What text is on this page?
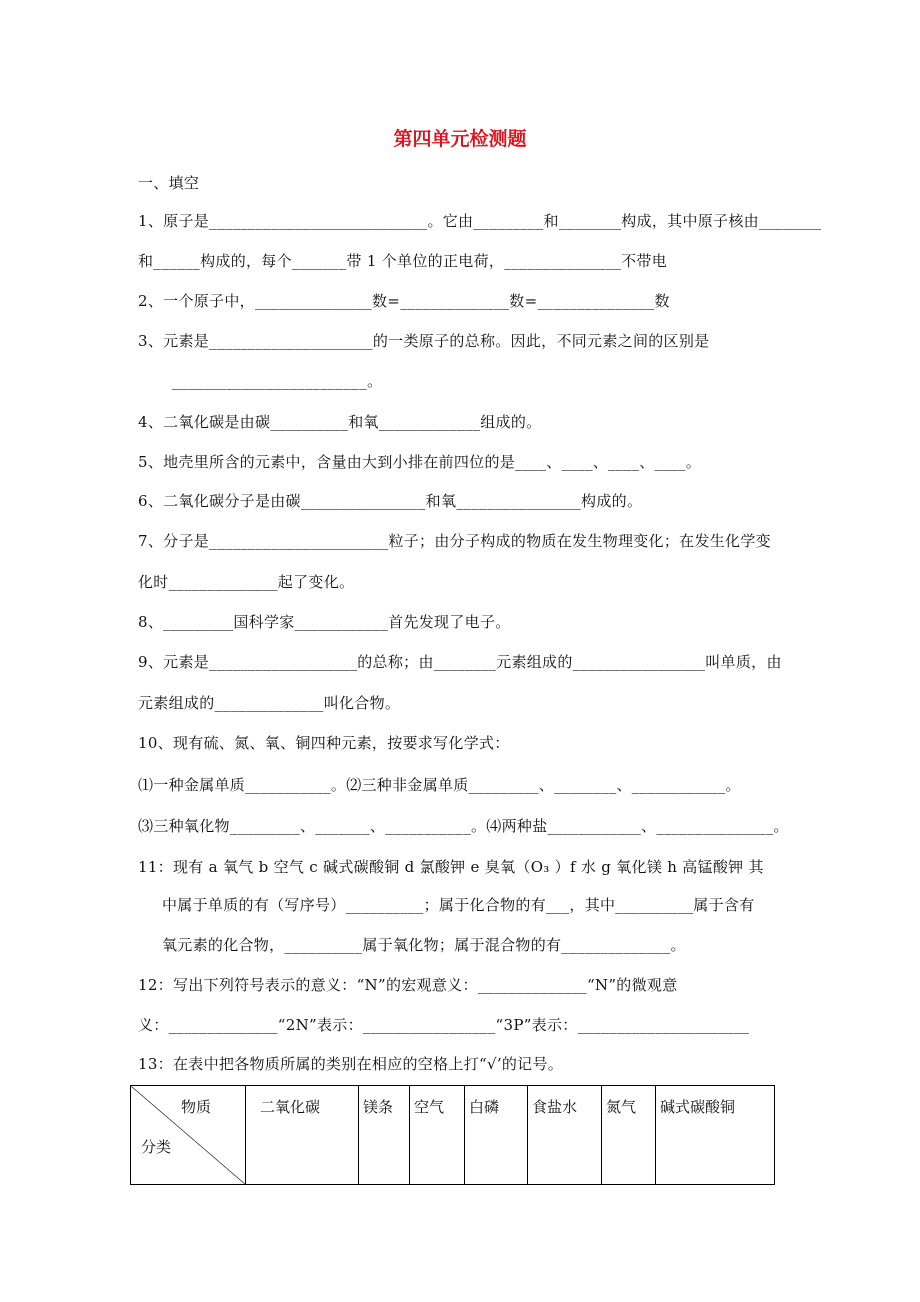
第四单元检测题
一、填空
1、原子是____________________________。它由_________和________构成，其中原子核由________
和______构成的，每个_______带 1 个单位的正电荷，_______________不带电
2、一个原子中，_______________数=______________数=_______________数
3、元素是_____________________的一类原子的总称。因此，不同元素之间的区别是
_________________________。
4、二氧化碳是由碳__________和氧_____________组成的。
5、地壳里所含的元素中，含量由大到小排在前四位的是____、____、____、____。
6、二氧化碳分子是由碳________________和氧________________构成的。
7、分子是_______________________粒子；由分子构成的物质在发生物理变化；在发生化学变
化时______________起了变化。
8、_________国科学家____________首先发现了电子。
9、元素是___________________的总称；由________元素组成的_________________叫单质，由
元素组成的______________叫化合物。
10、现有硫、氮、氧、铜四种元素，按要求写化学式：
⑴一种金属单质___________。⑵三种非金属单质_________、________、____________。
⑶三种氧化物_________、_______、___________。⑷两种盐____________、_______________。
11：现有 a 氧气 b 空气 c 碱式碳酸铜 d 氯酸钾 e 臭氧（O₃ ）f 水 g 氧化镁 h 高锰酸钾 其
中属于单质的有（写序号）__________；属于化合物的有___，其中__________属于含有
氧元素的化合物，__________属于氧化物；属于混合物的有______________。
12：写出下列符号表示的意义：“N”的宏观意义：______________“N”的微观意
义：______________“2N”表示：_________________“3P”表示：______________________
13：在表中把各物质所属的类别在相应的空格上打“√’的记号。
物质
分类
	二氧化碳	镁条	空气	白磷	食盐水	氮气	碱式碳酸铜
